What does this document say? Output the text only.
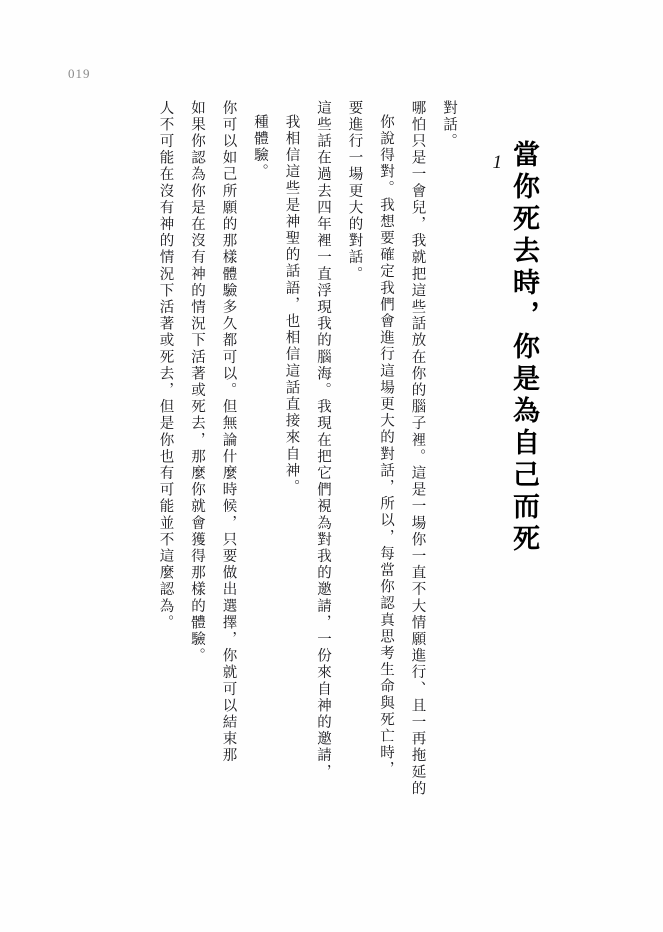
019
1 當你死去時，你是為自己而死
人不可能在沒有神的情況下活著或死去，但是你也有可能並不這麼認為。 如果你認為你是在沒有神的情況下活著或死去，那麼你就會獲得那樣的體驗。 你可以如己所願的那樣體驗多久都可以。但無論什麼時候，只要做出選擇，你就可以結束那 種體驗。 我相信這些是神聖的話語，也相信這話直接來自神。 這些話在過去四年裡一直浮現我的腦海。我現在把它們視為對我的邀請，一份來自神的邀請， 要進行一場更大的對話。 你說得對。我想要確定我們會進行這場更大的對話，所以，每當你認真思考生命與死亡時， 哪怕只是一會兒，我就把這些話放在你的腦子裡。這是一場你一直不大情願進行、且一再拖延的 對話。
